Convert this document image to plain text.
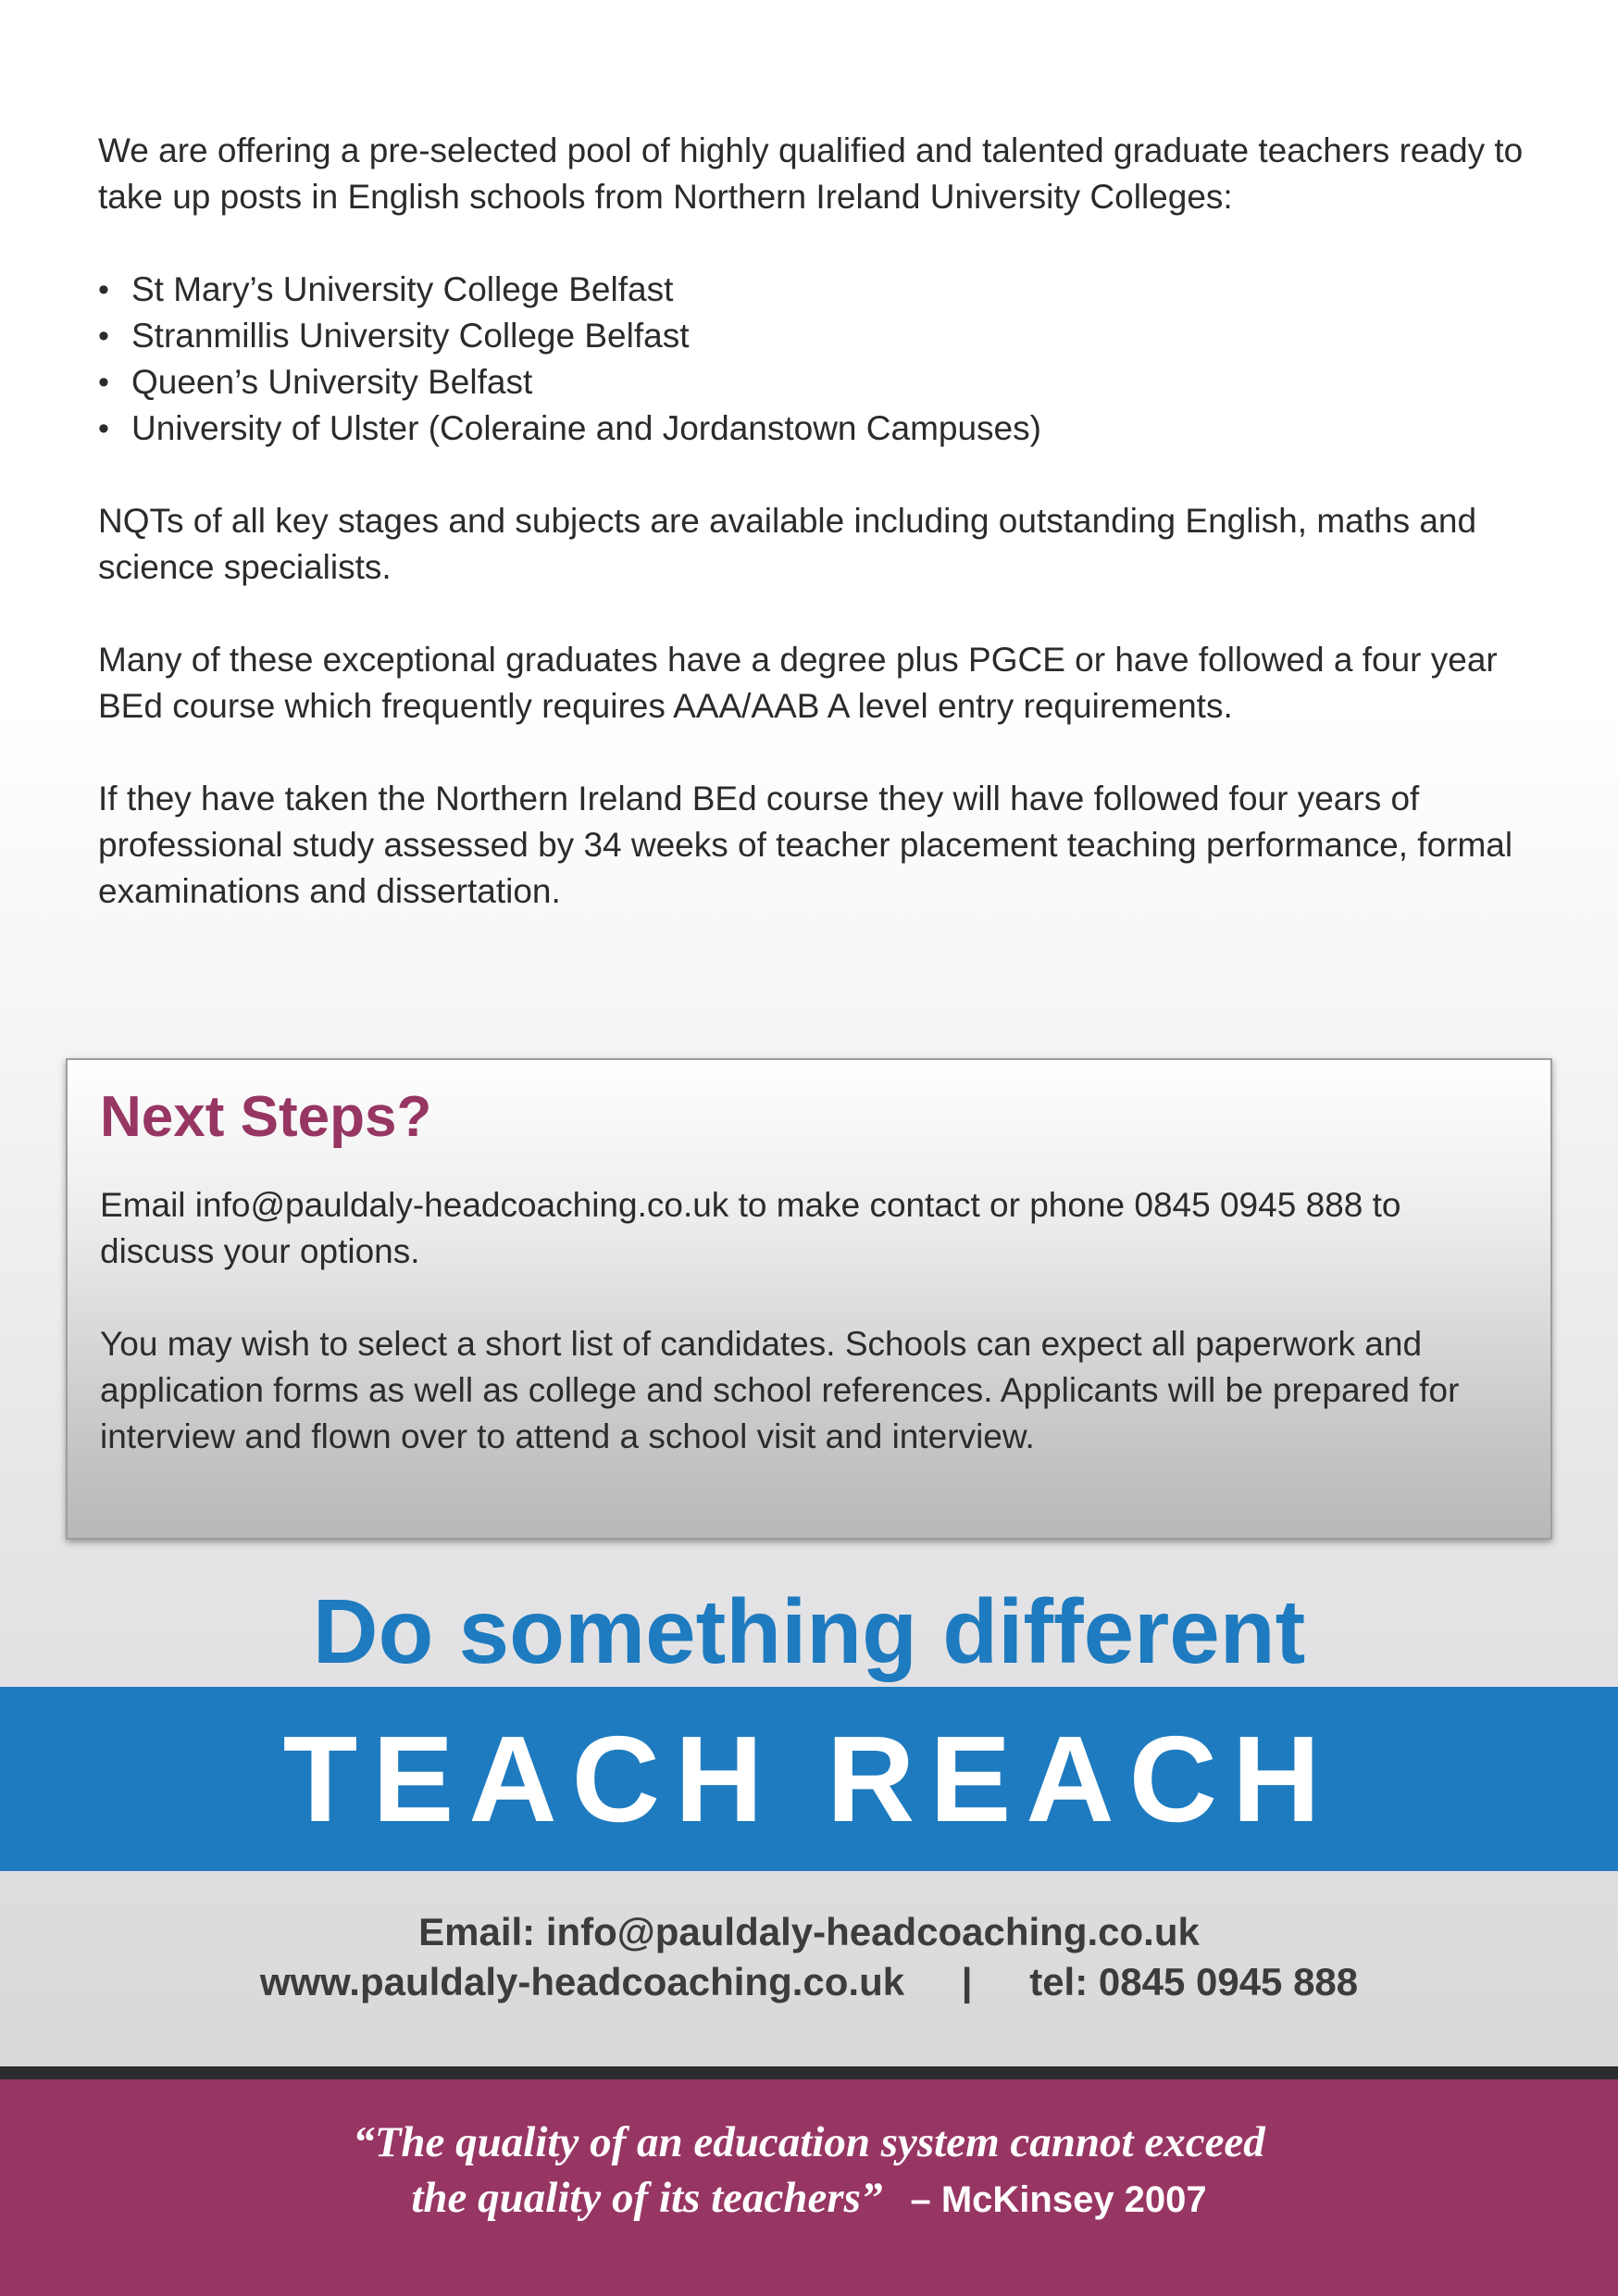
We are offering a pre-selected pool of highly qualified and talented graduate teachers ready to take up posts in English schools from Northern Ireland University Colleges:

• St Mary’s University College Belfast
• Stranmillis University College Belfast
• Queen’s University Belfast
• University of Ulster (Coleraine and Jordanstown Campuses)

NQTs of all key stages and subjects are available including outstanding English, maths and science specialists.

Many of these exceptional graduates have a degree plus PGCE or have followed a four year BEd course which frequently requires AAA/AAB A level entry requirements.

If they have taken the Northern Ireland BEd course they will have followed four years of professional study assessed by 34 weeks of teacher placement teaching performance, formal examinations and dissertation.

Next Steps?

Email info@pauldaly-headcoaching.co.uk to make contact or phone 0845 0945 888 to discuss your options.

You may wish to select a short list of candidates. Schools can expect all paperwork and application forms as well as college and school references. Applicants will be prepared for interview and flown over to attend a school visit and interview.

Do something different
TEACH REACH
Email: info@pauldaly-headcoaching.co.uk
www.pauldaly-headcoaching.co.uk | tel: 0845 0945 888
“The quality of an education system cannot exceed
the quality of its teachers” – McKinsey 2007
